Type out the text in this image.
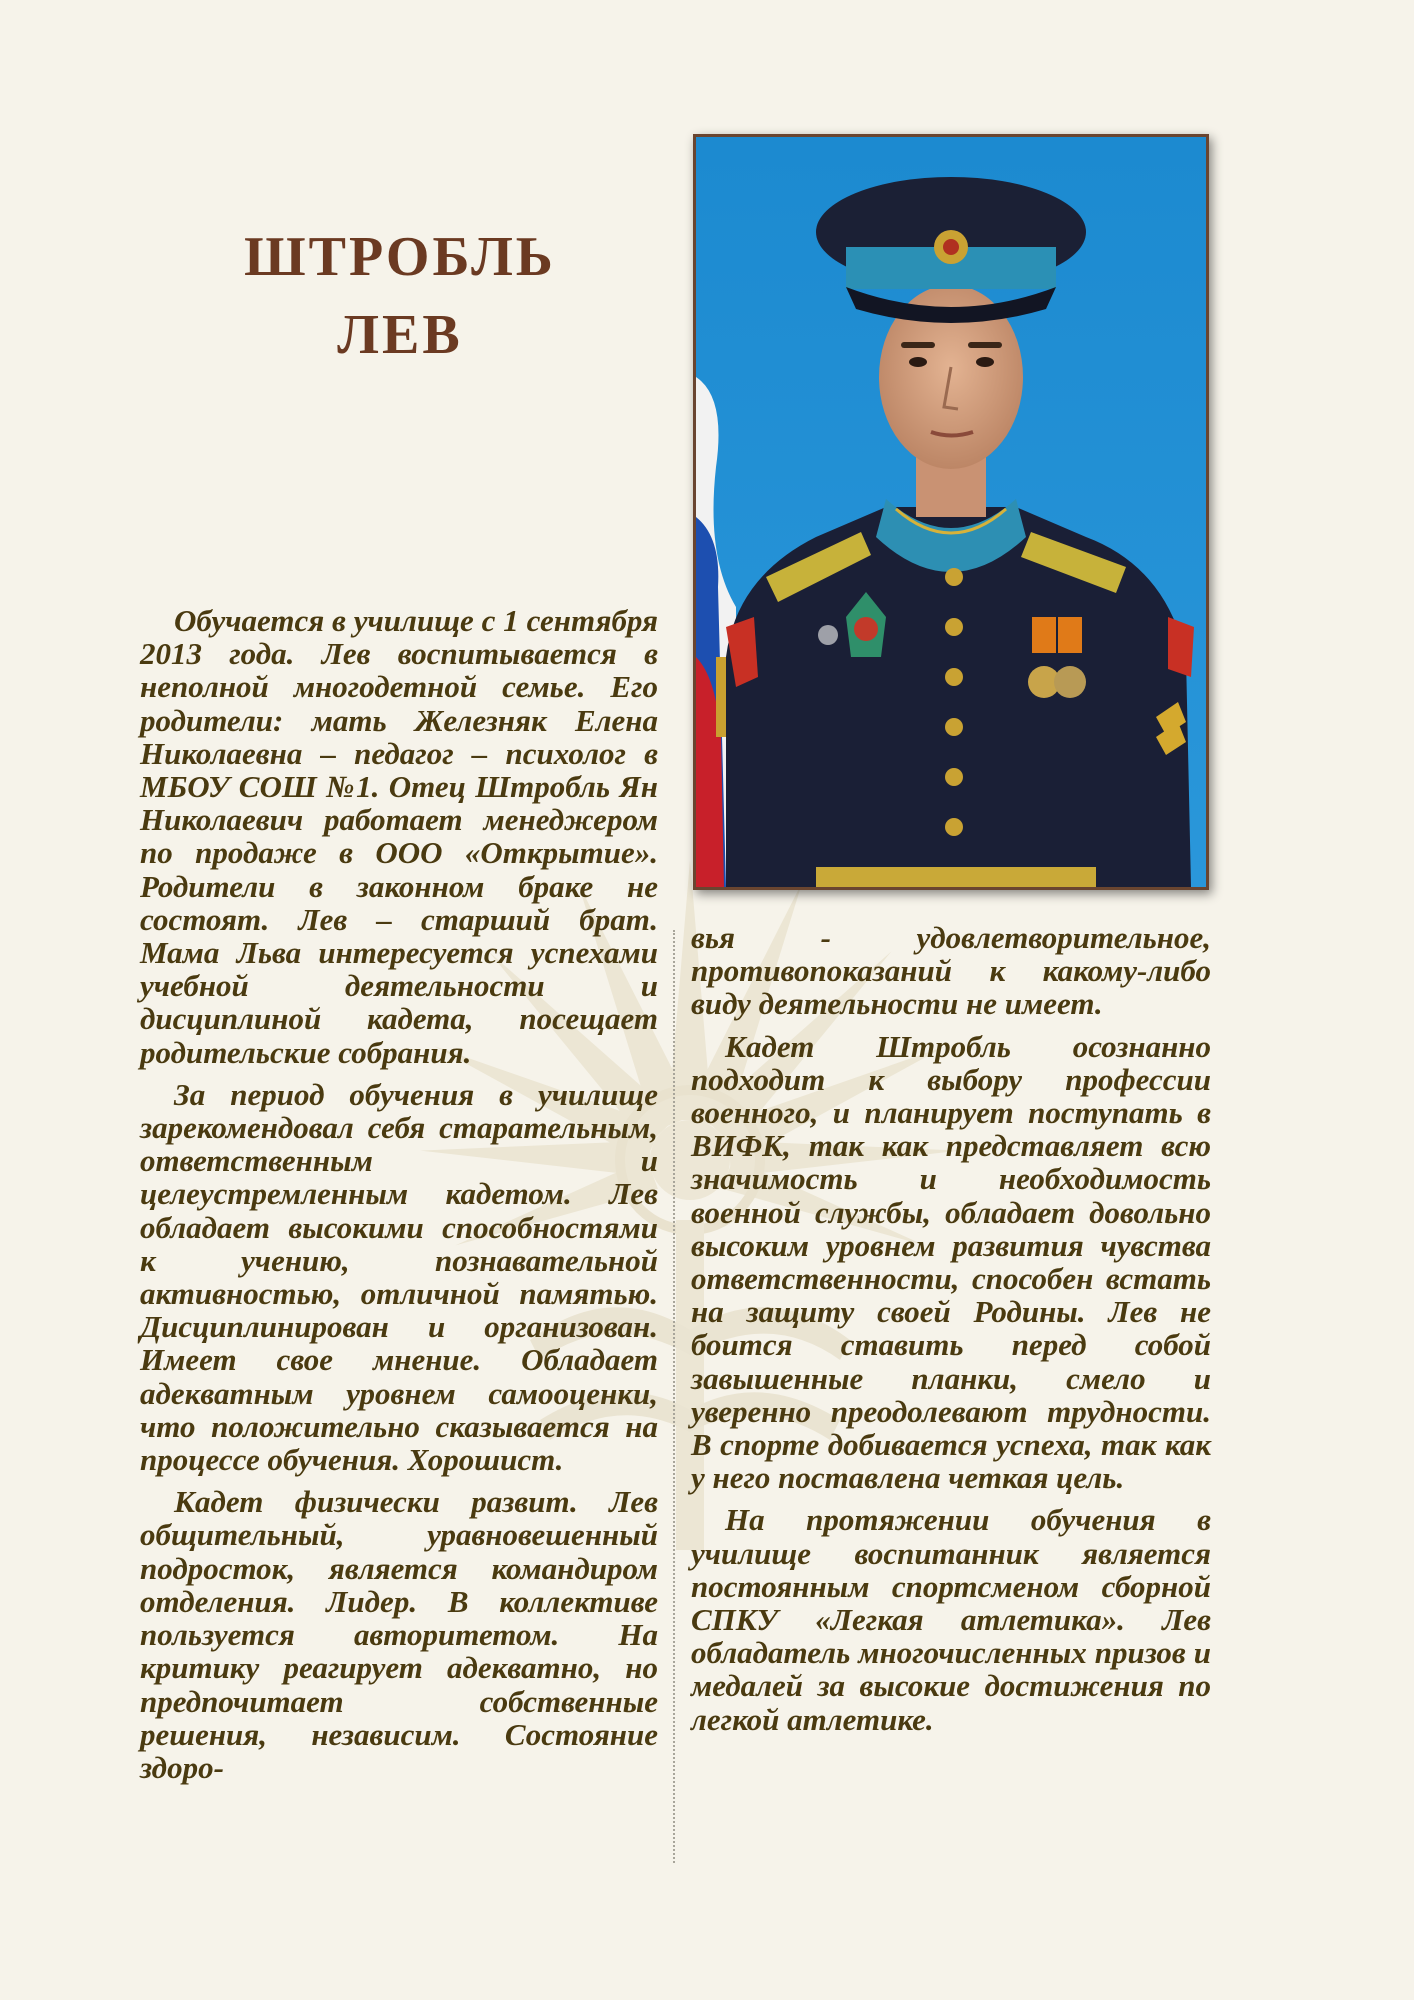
ШТРОБЛЬ
ЛЕВ

Обучается в училище с 1 сентября 2013 года. Лев воспитывается в неполной многодетной семье. Его родители: мать Железняк Елена Николаевна – педагог – психолог в МБОУ СОШ №1. Отец Штробль Ян Николаевич работает менеджером по продаже в ООО «Открытие». Родители в законном браке не состоят. Лев – старший брат. Мама Льва интересуется успехами учебной деятельности и дисциплиной кадета, посещает родительские собрания.

За период обучения в училище зарекомендовал себя старательным, ответственным и целеустремленным кадетом. Лев обладает высокими способностями к учению, познавательной активностью, отличной памятью. Дисциплинирован и организован. Имеет свое мнение. Обладает адекватным уровнем самооценки, что положительно сказывается на процессе обучения. Хорошист.

Кадет физически развит. Лев общительный, уравновешенный подросток, является командиром отделения. Лидер. В коллективе пользуется авторитетом. На критику реагирует адекватно, но предпочитает собственные решения, независим. Состояние здоро-

вья - удовлетворительное, противопоказаний к какому-либо виду деятельности не имеет.

Кадет Штробль осознанно подходит к выбору профессии военного, и планирует поступать в ВИФК, так как представляет всю значимость и необходимость военной службы, обладает довольно высоким уровнем развития чувства ответственности, способен встать на защиту своей Родины. Лев не боится ставить перед собой завышенные планки, смело и уверенно преодолевают трудности. В спорте добивается успеха, так как у него поставлена четкая цель.

На протяжении обучения в училище воспитанник является постоянным спортсменом сборной СПКУ «Легкая атлетика». Лев обладатель многочисленных призов и медалей за высокие достижения по легкой атлетике.
